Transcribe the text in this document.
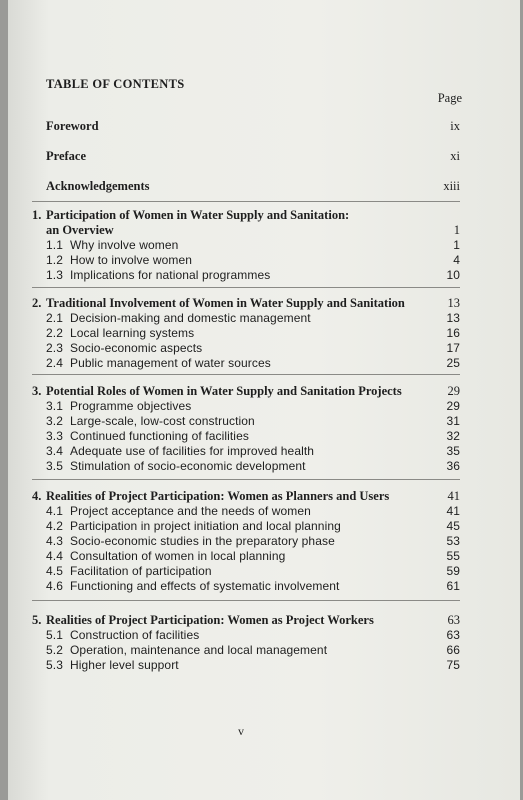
TABLE OF CONTENTS
Page
Foreword	ix
Preface	xi
Acknowledgements	xiii
1. Participation of Women in Water Supply and Sanitation:
an Overview	1
1.1 Why involve women	1
1.2 How to involve women	4
1.3 Implications for national programmes	10
2. Traditional Involvement of Women in Water Supply and Sanitation	13
2.1 Decision-making and domestic management	13
2.2 Local learning systems	16
2.3 Socio-economic aspects	17
2.4 Public management of water sources	25
3. Potential Roles of Women in Water Supply and Sanitation Projects	29
3.1 Programme objectives	29
3.2 Large-scale, low-cost construction	31
3.3 Continued functioning of facilities	32
3.4 Adequate use of facilities for improved health	35
3.5 Stimulation of socio-economic development	36
4. Realities of Project Participation: Women as Planners and Users	41
4.1 Project acceptance and the needs of women	41
4.2 Participation in project initiation and local planning	45
4.3 Socio-economic studies in the preparatory phase	53
4.4 Consultation of women in local planning	55
4.5 Facilitation of participation	59
4.6 Functioning and effects of systematic involvement	61
5. Realities of Project Participation: Women as Project Workers	63
5.1 Construction of facilities	63
5.2 Operation, maintenance and local management	66
5.3 Higher level support	75
v
